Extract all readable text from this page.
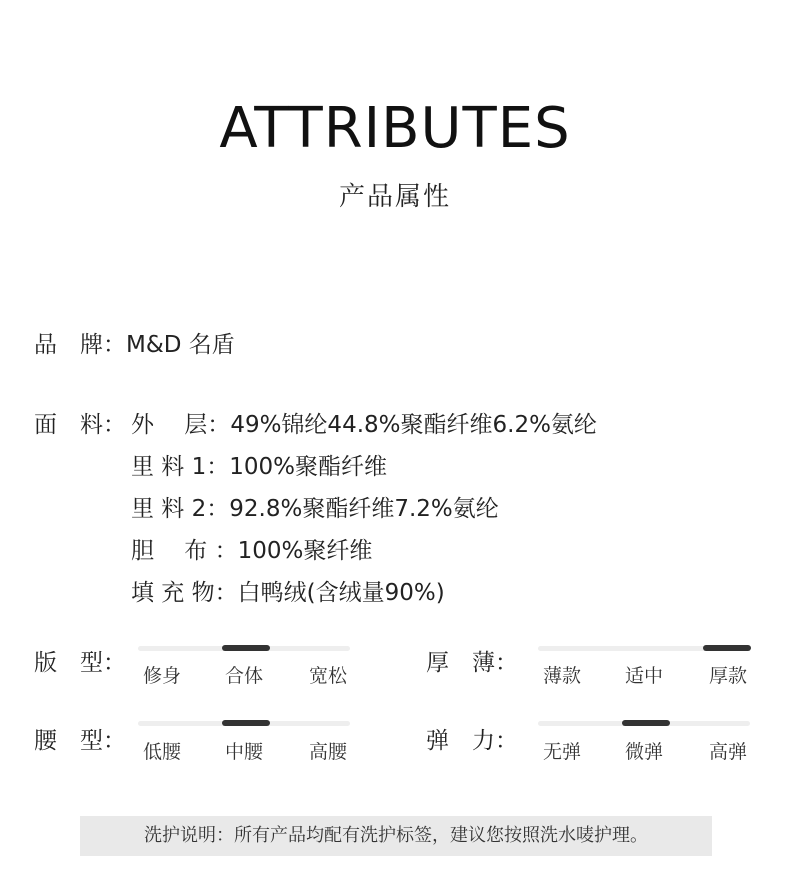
ATTRIBUTES
产品属性
品　牌：M&D 名盾
面　料： 外　 层：49%锦纶44.8%聚酯纤维6.2%氨纶
里 料 1：100%聚酯纤维
里 料 2：92.8%聚酯纤维7.2%氨纶
胆　 布 ：100%聚纤维
填 充 物：白鸭绒(含绒量90%)
版　型： 修身 合体 宽松	厚　薄： 薄款 适中 厚款
腰　型： 低腰 中腰 高腰	弹　力： 无弹 微弹 高弹
洗护说明：所有产品均配有洗护标签，建议您按照洗水唛护理。
